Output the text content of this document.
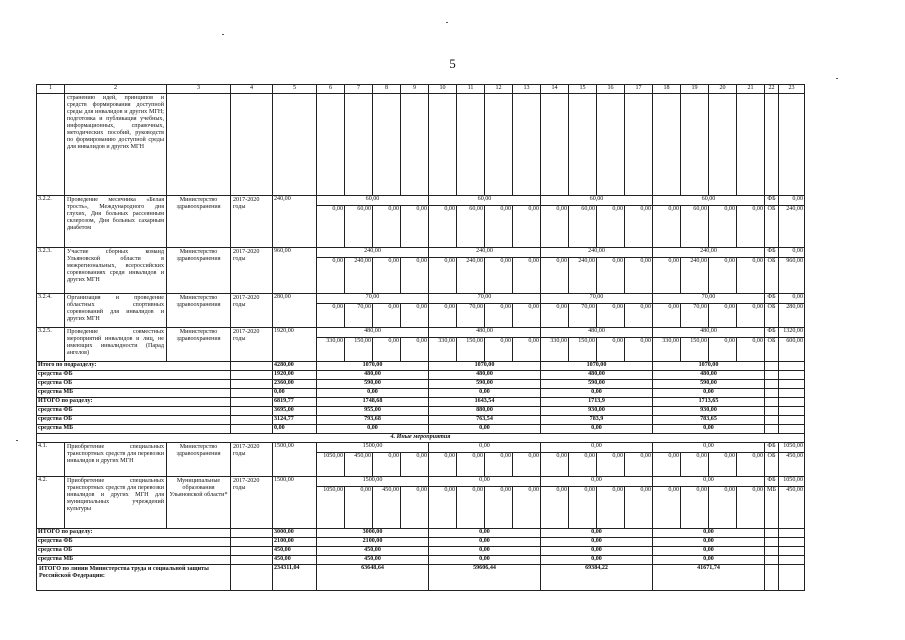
5
1	2	3	4	5	6	7	8	9	10	11	12	13	14	15	16	17	18	19	20	21	22	23
	странению идей, принципов и средств формирования доступной среды для инвалидов и других МГН; подготовка и публикация учебных, информационных, справочных, методических пособий, руководств по формированию доступной среды для инвалидов и других МГН																					
3.2.2.	Проведение месячника «Белая трость», Международного дня глухих, Дня больных рассеянным склерозом, Дня больных сахарным диабетом	Министерство здравоохранения	2017-2020 годы	240,00	60,00				60,00				60,00				60,00				ФБ	0,00
					0,00	60,00	0,00	0,00	0,00	60,00	0,00	0,00	0,00	60,00	0,00	0,00	0,00	60,00	0,00	0,00	ОБ	240,00
3.2.3.	Участие сборных команд Ульяновской области в межрегиональных, всероссийских соревнованиях среди инвалидов и других МГН	Министерство здравоохранения	2017-2020 годы	960,00	240,00				240,00				240,00				240,00				ФБ	0,00
					0,00	240,00	0,00	0,00	0,00	240,00	0,00	0,00	0,00	240,00	0,00	0,00	0,00	240,00	0,00	0,00	ОБ	960,00
3.2.4.	Организация и проведение областных спортивных соревнований для инвалидов и других МГН	Министерство здравоохранения	2017-2020 годы	280,00	70,00				70,00				70,00				70,00				ФБ	0,00
					0,00	70,00	0,00	0,00	0,00	70,00	0,00	0,00	0,00	70,00	0,00	0,00	0,00	70,00	0,00	0,00	ОБ	280,00
3.2.5.	Проведение совместных мероприятий инвалидов и лиц, не имеющих инвалидности (Парад ангелов)	Министерство здравоохранения	2017-2020 годы	1920,00	480,00				480,00				480,00				480,00				ФБ	1320,00
					330,00	150,00	0,00	0,00	330,00	150,00	0,00	0,00	330,00	150,00	0,00	0,00	330,00	150,00	0,00	0,00	ОБ	600,00
Итого по подразделу:				4280,00	1070,00				1070,00				1070,00				1070,00					
средства ФБ				1920,00	480,00				480,00				480,00				480,00					
средства ОБ				2360,00	590,00				590,00				590,00				590,00					
средства МБ				0,00	0,00				0,00				0,00				0,00					
ИТОГО по разделу:				6819,77	1748,68				1643,54				1713,9				1713,65					
средства ФБ				3695,00	955,00				880,00				930,00				930,00					
средства ОБ				3124,77	793,68				763,54				783,9				783,65					
средства МБ				0,00	0,00				0,00				0,00				0,00					
4. Иные мероприятия																						
4.1.	Приобретение специальных транспортных средств для перевозки инвалидов и других МГН	Министерство здравоохранения	2017-2020 годы	1500,00	1500,00				0,00				0,00				0,00				ФБ	1050,00
					1050,00	450,00	0,00	0,00	0,00	0,00	0,00	0,00	0,00	0,00	0,00	0,00	0,00	0,00	0,00	0,00	ОБ	450,00
4.2.	Приобретение специальных транспортных средств для перевозки инвалидов и других МГН для муниципальных учреждений культуры	Муниципальные образования Ульяновской области*	2017-2020 годы	1500,00	1500,00				0,00				0,00				0,00				ФБ	1050,00
					1050,00	0,00	450,00	0,00	0,00	0,00	0,00	0,00	0,00	0,00	0,00	0,00	0,00	0,00	0,00	0,00	МБ	450,00
ИТОГО по разделу:				3000,00	3000,00				0,00				0,00				0,00					
средства ФБ				2100,00	2100,00				0,00				0,00				0,00					
средства ОБ				450,00	450,00				0,00				0,00				0,00					
средства МБ				450,00	450,00				0,00				0,00				0,00					
ИТОГО по линии Министерства труда и социальной защиты Российской Федерации:				234311,04	63648,64				59606,44				69384,22				41671,74					
